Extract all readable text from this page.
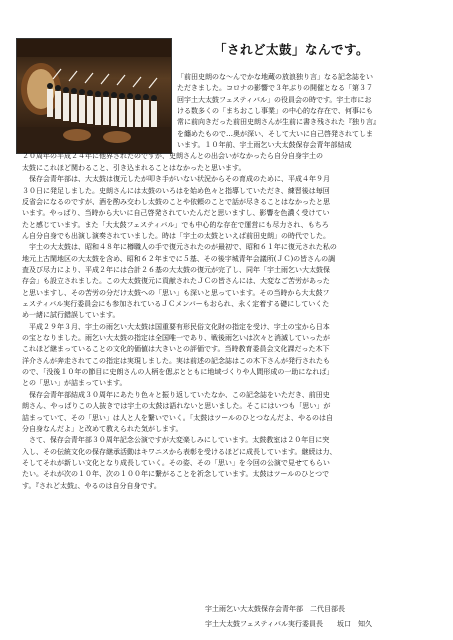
「されど太鼓」なんです。
「前田史朗のな～んでかな地蔵の放浪独り言」なる記念誌をい
ただきました。コロナの影響で３年ぶりの開催となる「第３７
回宇土大太鼓フェスティバル」の役員会の時です。宇土市にお
ける数多くの「まちおこし事業」の中心的な存在で、何事にも
常に前向きだった前田史朗さんが生前に書き残された『独り言』
を纏めたもので…奥が深い、そして大いに自己啓発されてしま
います。１０年前、宇土雨乞い大太鼓保存会青年部結成
２０周年の平成２４年に他界されたのですが、史朗さんとの出会いがなかったら自分自身宇土の
太鼓にこれほど関わること、引き込まれることはなかったと思います。
　保存会青年部は、大太鼓は復元したが叩き手がいない状況からその育成のために、平成４年９月
３０日に発足しました。史朗さんには太鼓のいろはを始め色々と指導していただき、練習後は毎回
反省会になるのですが、酒を酌み交わし太鼓のことや依頼のことで話が尽きることはなかったと思
います。やっぱり、当時から大いに自己啓発されていたんだと思いますし、影響を色濃く受けてい
たと感じています。また「大太鼓フェスティバル」でも中心的な存在で運営にも尽力され、もちろ
ん自分自身でも出演し演奏されていました。時は「宇土の太鼓といえば前田史朗」の時代でした。
　宇土の大太鼓は、昭和４８年に樽職人の手で復元されたのが最初で、昭和６１年に復元された私の
地元上古閑地区の大太鼓を含め、昭和６２年までに５基、その後宇城青年会議所(ＪＣ)の皆さんの調
査及び尽力により、平成２年には合計２６基の大太鼓の復元が完了し、同年「宇土雨乞い大太鼓保
存会」も設立されました。この大太鼓復元に貢献されたＪＣの皆さんには、大変なご苦労があった
と思いますし、その苦労の分だけ太鼓への「思い」も深いと思っています。その当時から大太鼓フ
ェスティバル実行委員会にも参加されているＪＣメンバーもおられ、永く定着する礎にしていくた
め一緒に試行錯誤しています。
　平成２９年３月、宇土の雨乞い大太鼓は国重要有形民俗文化財の指定を受け、宇土の宝から日本
の宝となりました。雨乞い大太鼓の指定は全国唯一であり、戦後雨乞いは次々と消滅していったが
これほど継まっていることの文化的価値は大きいとの評価です。当時教育委員会文化課だった木下
洋介さんが奔走されてこの指定は実現しました。実は前述の記念誌はこの木下さんが発行されたも
ので、「没後１０年の節目に史朗さんの人柄を偲ぶとともに地域づくりや人間形成の一助になれば」
との「思い」が詰まっています。
　保存会青年部結成３０周年にあたり色々と振り返していたなか、この記念誌をいただき、前田史
朗さん、やっぱりこの人抜きでは宇土の太鼓は語れないと思いました。そこにはいつも「思い」が
詰まっていて、その「思い」は人と人を繋いでいく。「太鼓はツールのひとつなんだよ、やるのは自
分自身なんだよ」と改めて教えられた気がします。
　さて、保存会青年部３０周年記念公演ですが大変楽しみにしています。太鼓教室は２０年目に突
入し、その伝統文化の保存継承活動はキワニスから表彰を受けるほどに成長しています。継続は力、
そしてそれが新しい文化となり成長していく。その姿、その「思い」を今回の公演で見せてもらい
たい。それが次の１０年、次の１００年に繋がることを祈念しています。太鼓はツールのひとつで
す。『されど太鼓』、やるのは自分自身です。
宇土雨乞い大太鼓保存会青年部　二代目部長
宇土大太鼓フェスティバル実行委員長　　坂口　知久
